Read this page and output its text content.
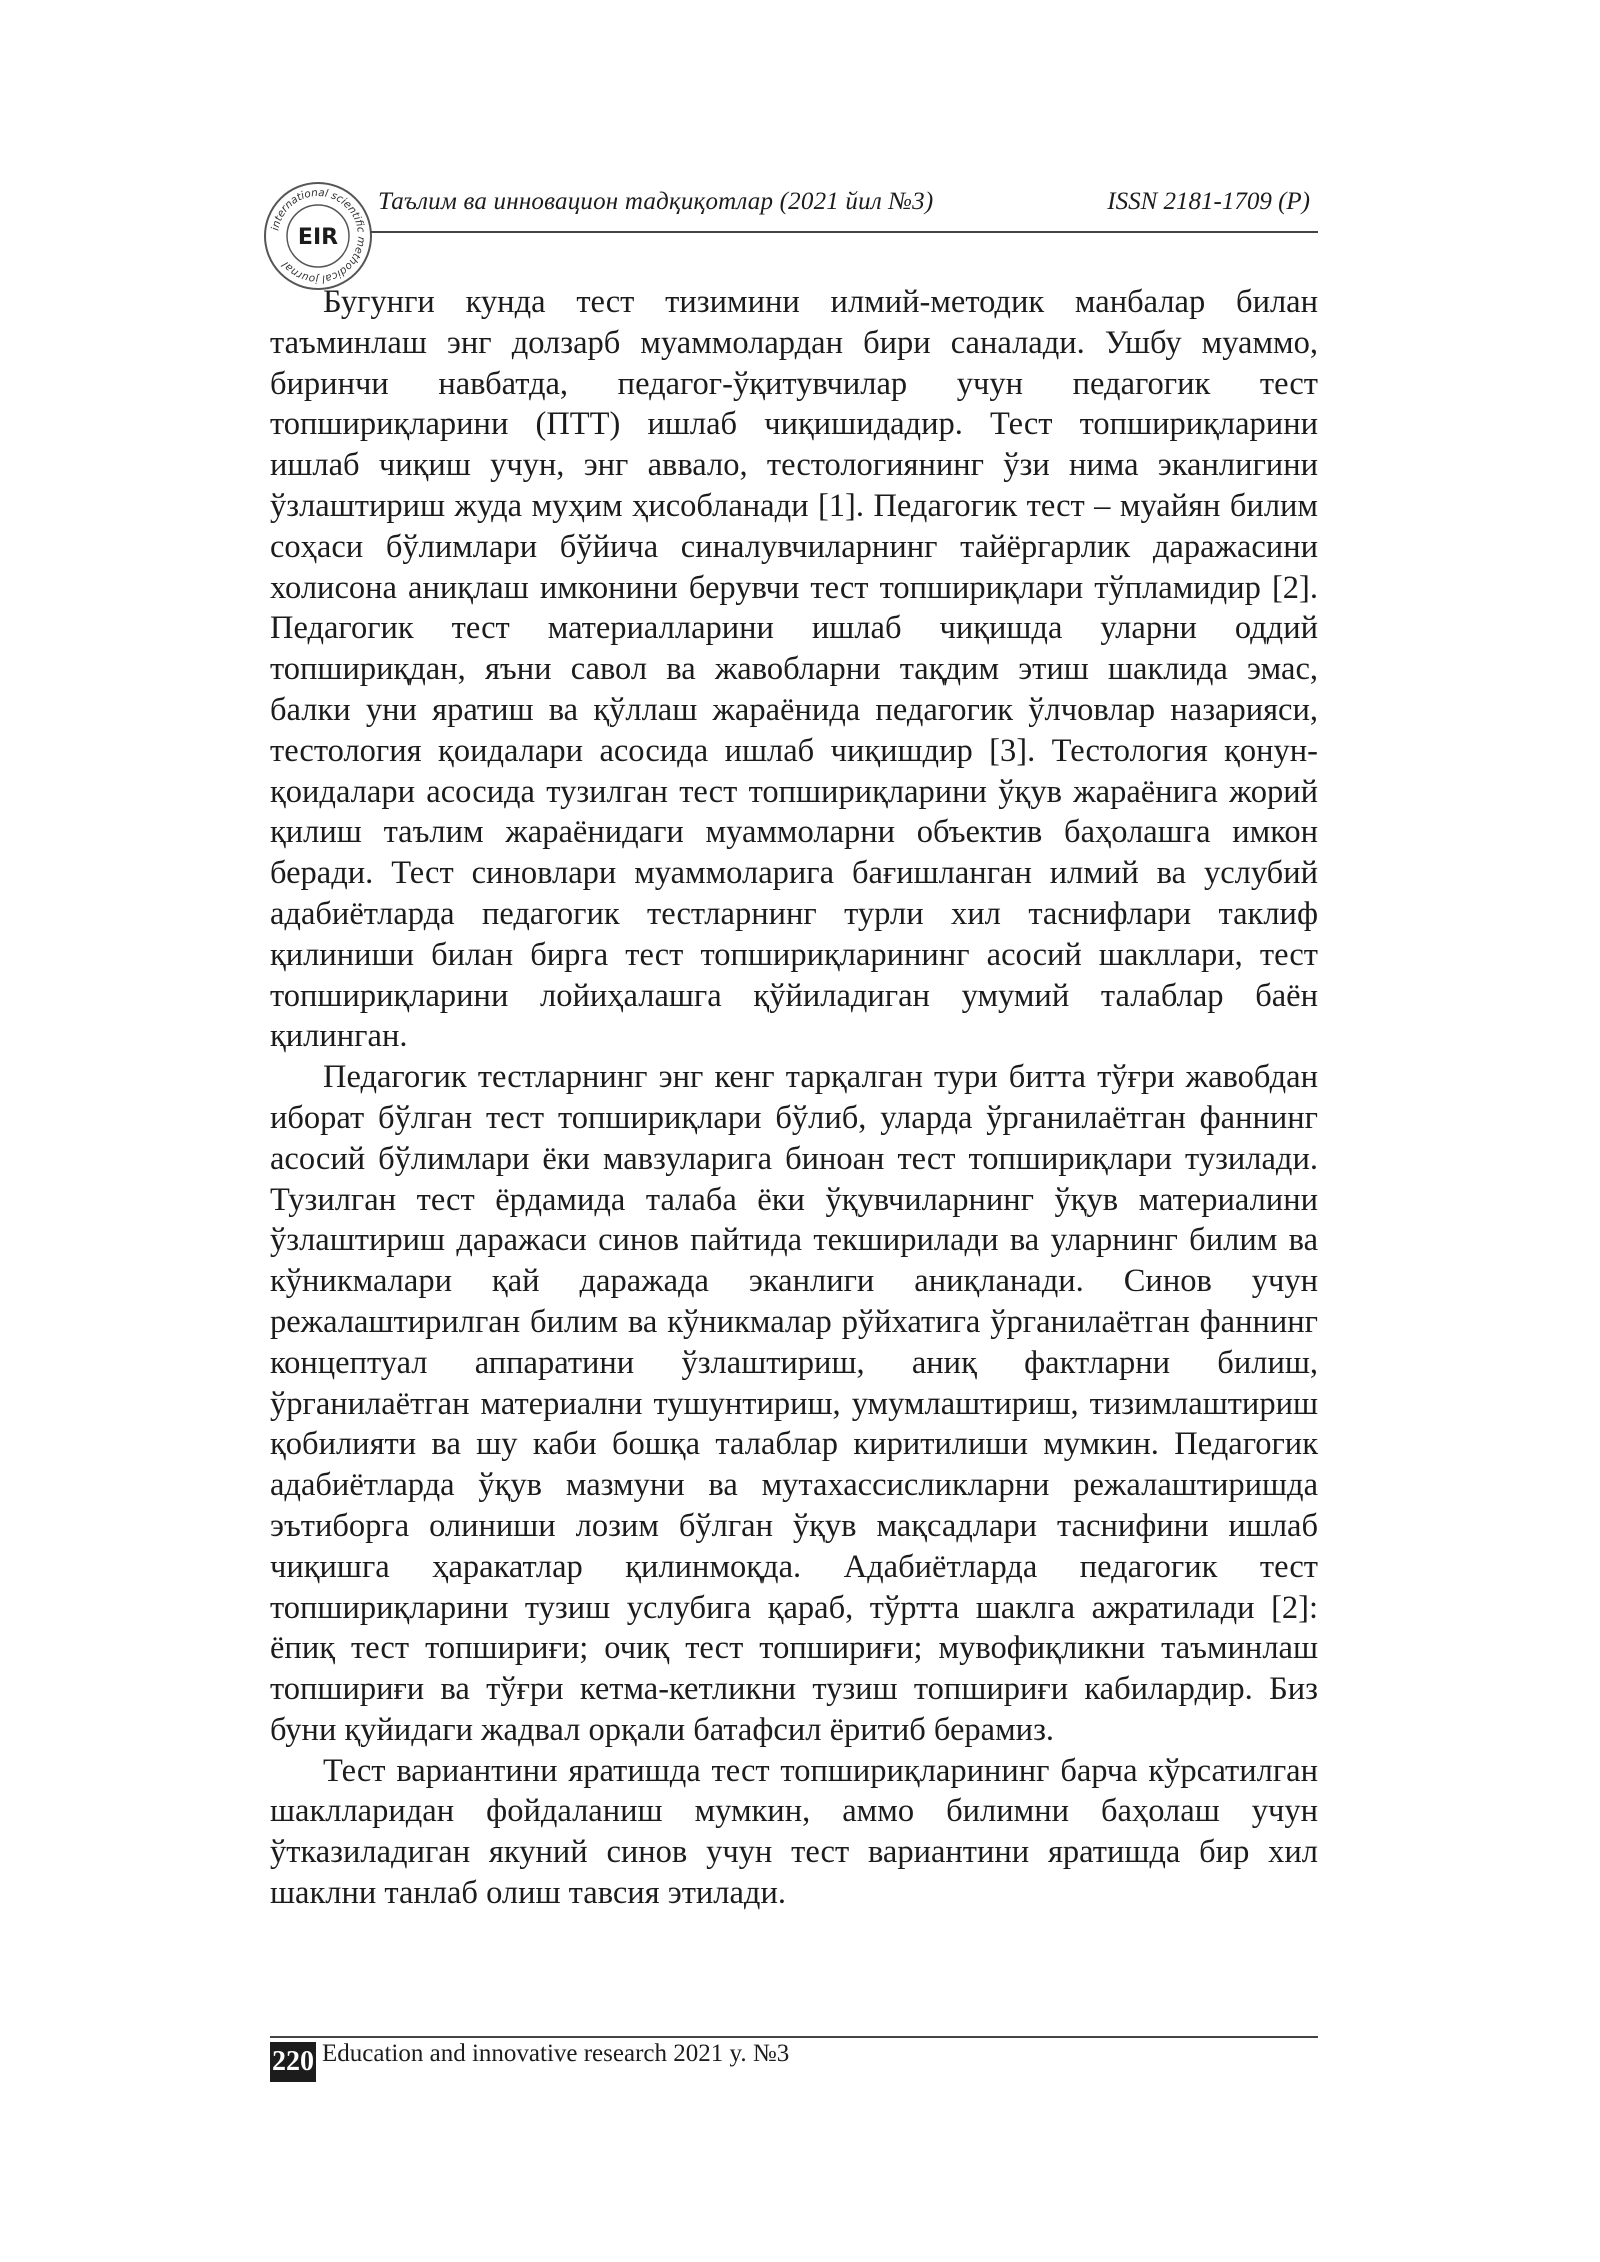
international scientific methodical journal
EIR
Таълим ва инновацион тадқиқотлар (2021 йил №3)	ISSN 2181-1709 (P)

Бугунги кунда тест тизимини илмий-методик манбалар билан таъминлаш энг долзарб муаммолардан бири саналади. Ушбу муаммо, биринчи навбатда, педагог-ўқитувчилар учун педагогик тест топшириқларини (ПТТ) ишлаб чиқишидадир. Тест топшириқларини ишлаб чиқиш учун, энг аввало, тестологиянинг ўзи нима эканлигини ўзлаштириш жуда муҳим ҳисобланади [1]. Педагогик тест – муайян билим соҳаси бўлимлари бўйича синалувчиларнинг тайёргарлик даражасини холисона аниқлаш имконини берувчи тест топшириқлари тўпламидир [2]. Педагогик тест материалларини ишлаб чиқишда уларни оддий топшириқдан, яъни савол ва жавобларни тақдим этиш шаклида эмас, балки уни яратиш ва қўллаш жараёнида педагогик ўлчовлар назарияси, тестология қоидалари асосида ишлаб чиқишдир [3]. Тестология қонун-қоидалари асосида тузилган тест топшириқларини ўқув жараёнига жорий қилиш таълим жараёнидаги муаммоларни объектив баҳолашга имкон беради. Тест синовлари муаммоларига бағишланган илмий ва услубий адабиётларда педагогик тестларнинг турли хил таснифлари таклиф қилиниши билан бирга тест топшириқларининг асосий шакллари, тест топшириқларини лойиҳалашга қўйиладиган умумий талаблар баён қилинган.

Педагогик тестларнинг энг кенг тарқалган тури битта тўғри жавобдан иборат бўлган тест топшириқлари бўлиб, уларда ўрганилаётган фаннинг асосий бўлимлари ёки мавзуларига биноан тест топшириқлари тузилади. Тузилган тест ёрдамида талаба ёки ўқувчиларнинг ўқув материалини ўзлаштириш даражаси синов пайтида текширилади ва уларнинг билим ва кўникмалари қай даражада эканлиги аниқланади. Синов учун режалаштирилган билим ва кўникмалар рўйхатига ўрганилаётган фаннинг концептуал аппаратини ўзлаштириш, аниқ фактларни билиш, ўрганилаётган материални тушунтириш, умумлаштириш, тизимлаштириш қобилияти ва шу каби бошқа талаблар киритилиши мумкин. Педагогик адабиётларда ўқув мазмуни ва мутахассисликларни режалаштиришда эътиборга олиниши лозим бўлган ўқув мақсадлари таснифини ишлаб чиқишга ҳаракатлар қилинмоқда. Адабиётларда педагогик тест топшириқларини тузиш услубига қараб, тўртта шаклга ажратилади [2]: ёпиқ тест топшириғи; очиқ тест топшириғи; мувофиқликни таъминлаш топшириғи ва тўғри кетма-кетликни тузиш топшириғи кабилардир. Биз буни қуйидаги жадвал орқали батафсил ёритиб берамиз.

Тест вариантини яратишда тест топшириқларининг барча кўрсатилган шаклларидан фойдаланиш мумкин, аммо билимни баҳолаш учун ўтказиладиган якуний синов учун тест вариантини яратишда бир хил шаклни танлаб олиш тавсия этилади.

220 Education and innovative research 2021 y. №3
